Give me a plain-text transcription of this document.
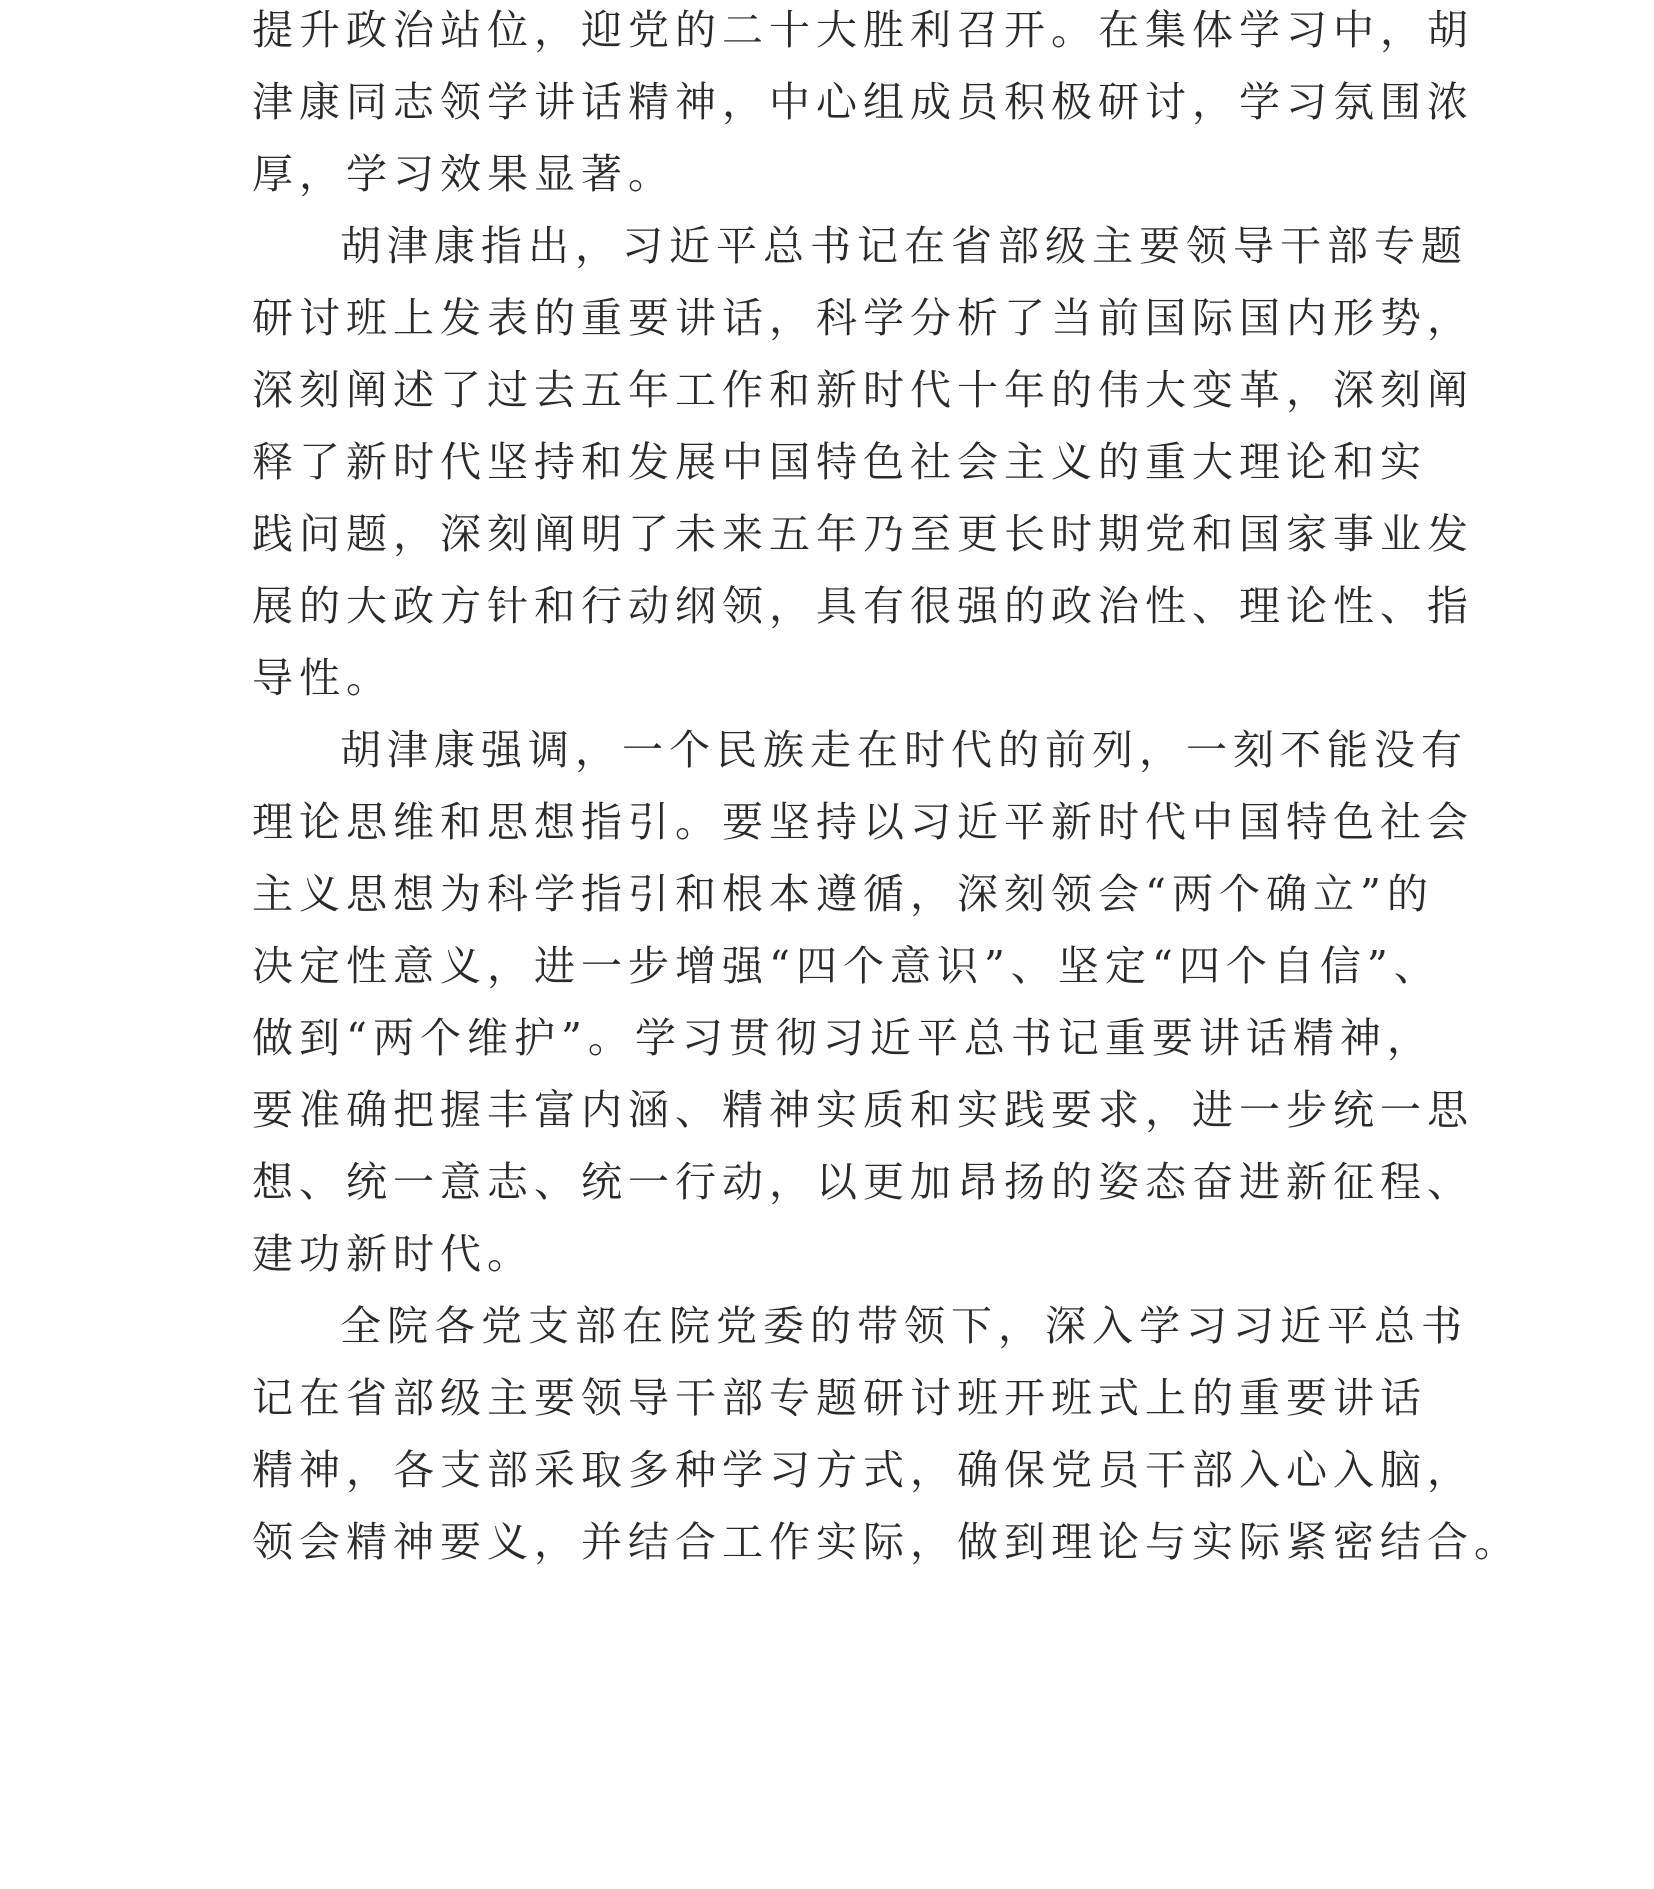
提升政治站位，迎党的二十大胜利召开。在集体学习中，胡
津康同志领学讲话精神，中心组成员积极研讨，学习氛围浓
厚，学习效果显著。
胡津康指出，习近平总书记在省部级主要领导干部专题
研讨班上发表的重要讲话，科学分析了当前国际国内形势，
深刻阐述了过去五年工作和新时代十年的伟大变革，深刻阐
释了新时代坚持和发展中国特色社会主义的重大理论和实
践问题，深刻阐明了未来五年乃至更长时期党和国家事业发
展的大政方针和行动纲领，具有很强的政治性、理论性、指
导性。
胡津康强调，一个民族走在时代的前列，一刻不能没有
理论思维和思想指引。要坚持以习近平新时代中国特色社会
主义思想为科学指引和根本遵循，深刻领会“两个确立”的
决定性意义，进一步增强“四个意识”、坚定“四个自信”、
做到“两个维护”。学习贯彻习近平总书记重要讲话精神，
要准确把握丰富内涵、精神实质和实践要求，进一步统一思
想、统一意志、统一行动，以更加昂扬的姿态奋进新征程、
建功新时代。
全院各党支部在院党委的带领下，深入学习习近平总书
记在省部级主要领导干部专题研讨班开班式上的重要讲话
精神，各支部采取多种学习方式，确保党员干部入心入脑，
领会精神要义，并结合工作实际，做到理论与实际紧密结合。
